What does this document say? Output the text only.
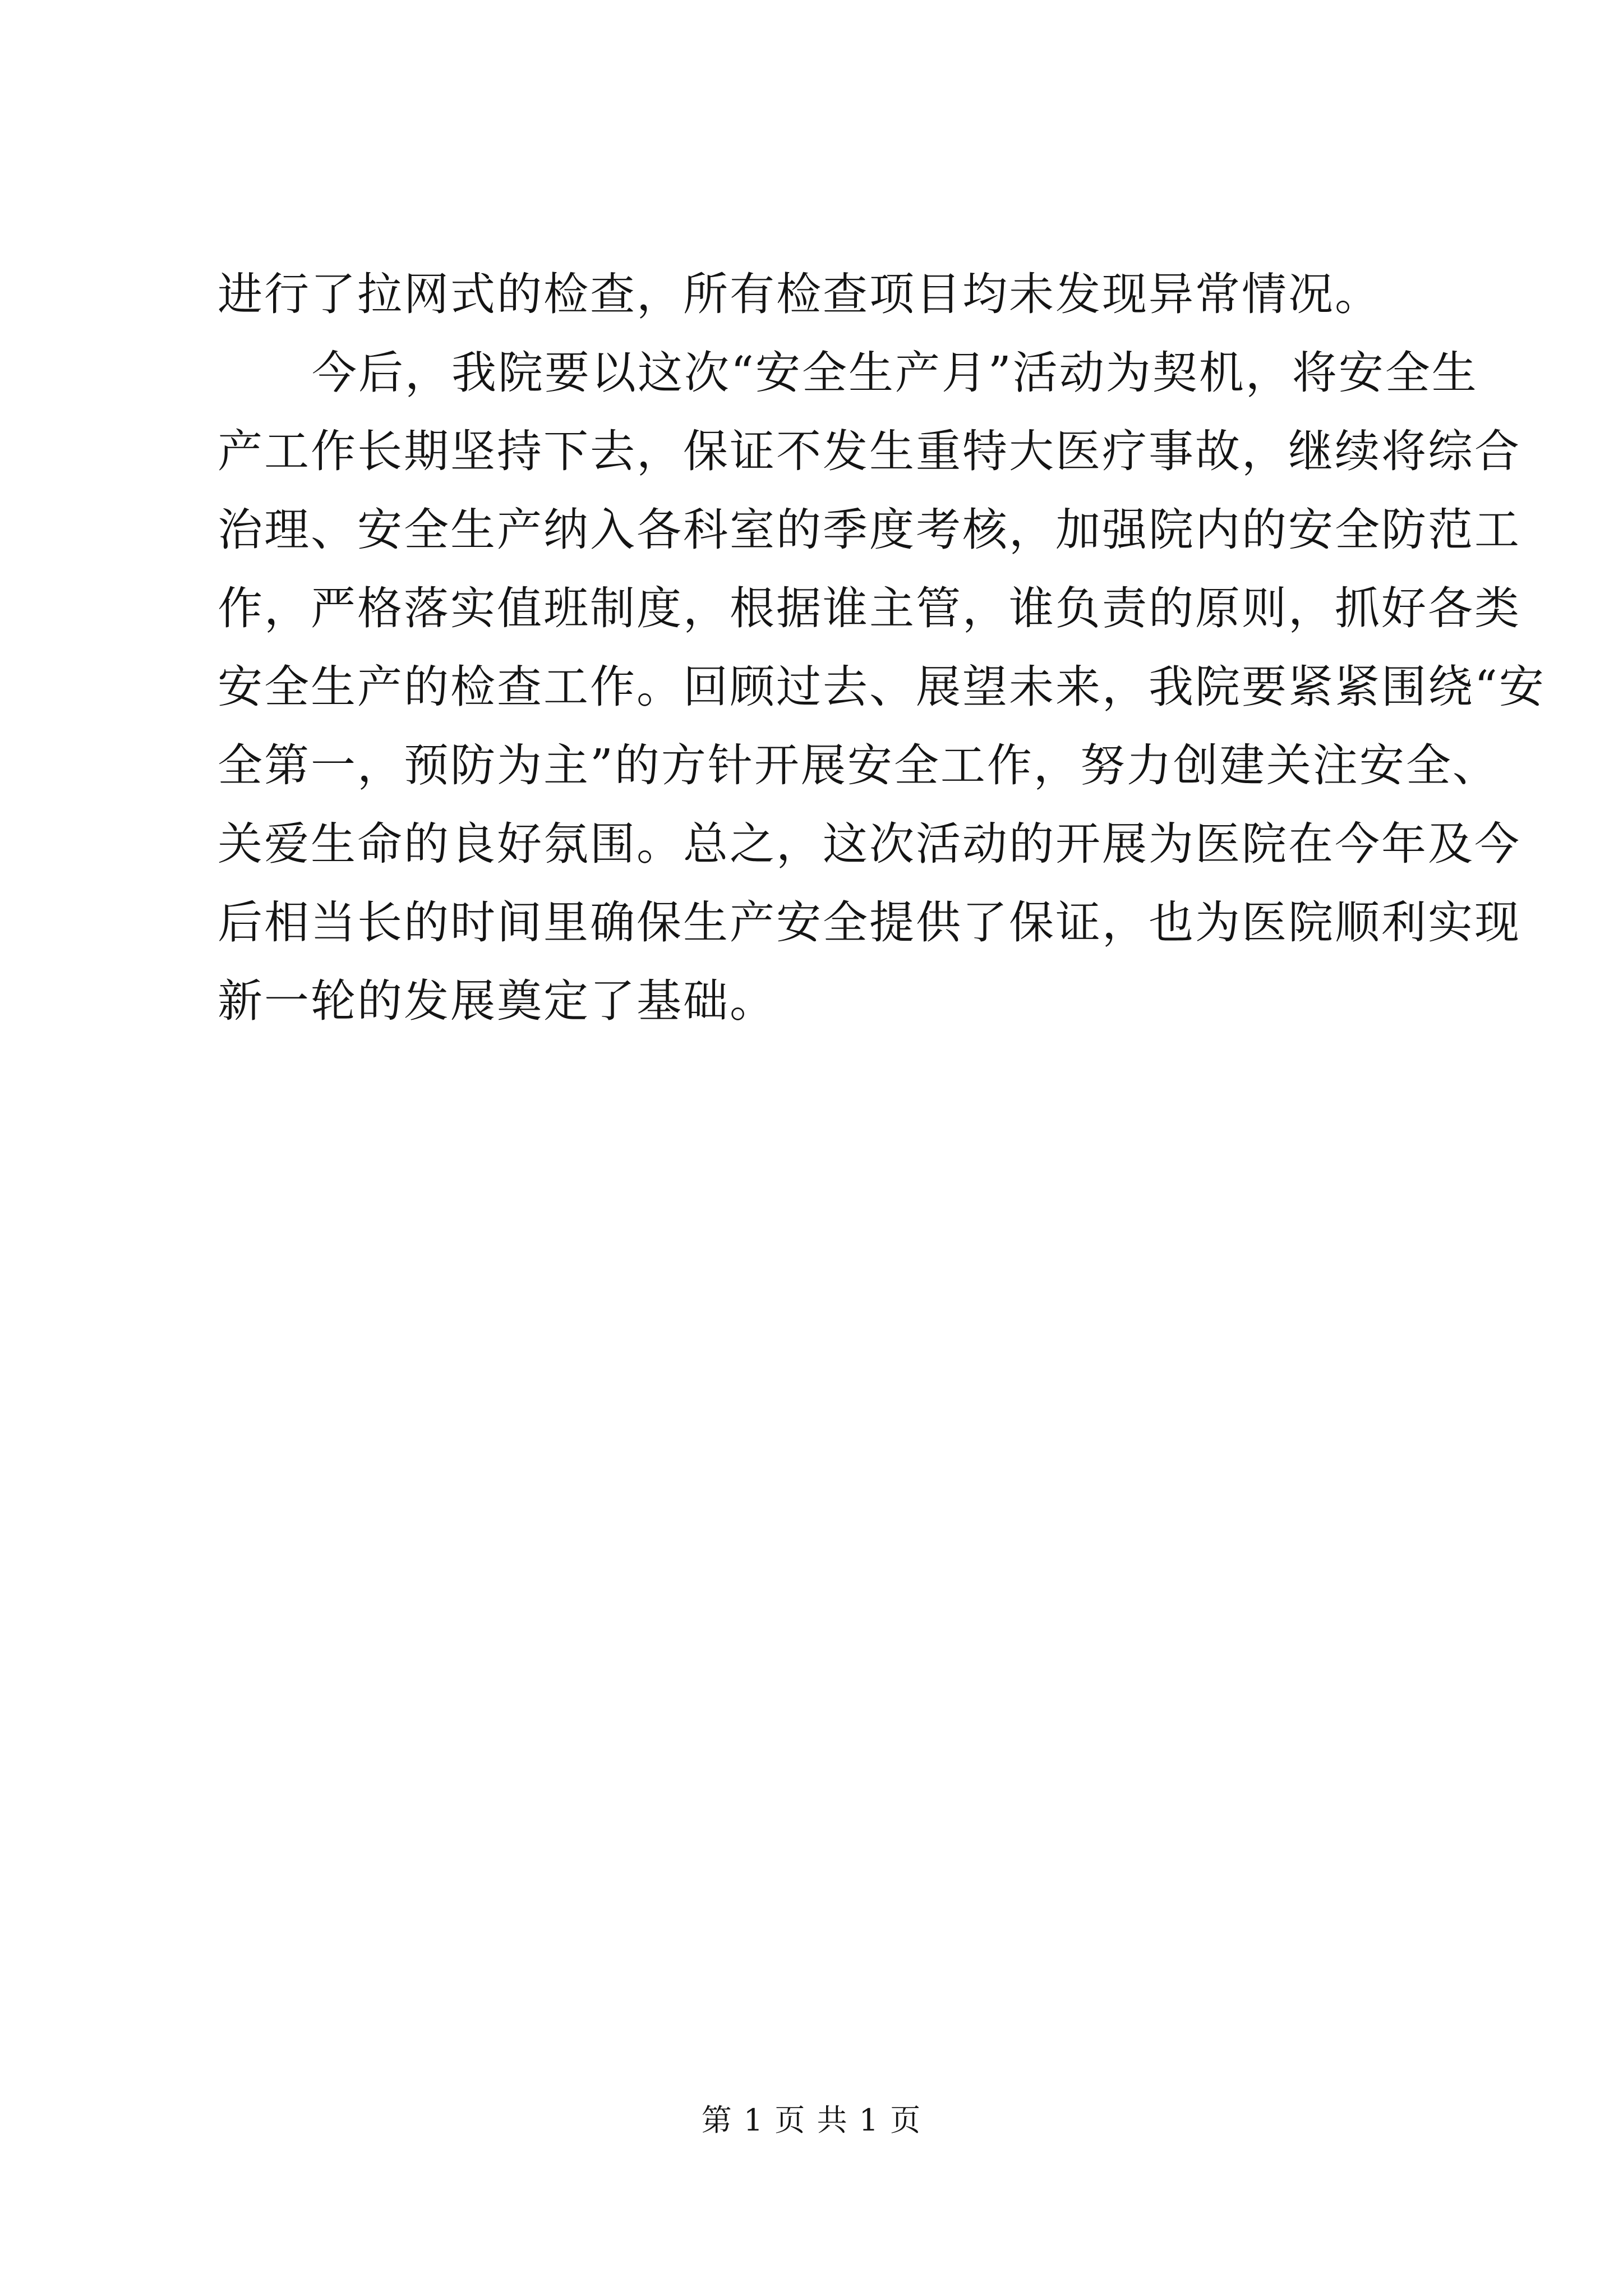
进行了拉网式的检查，所有检查项目均未发现异常情况。
今后，我院要以这次“安全生产月”活动为契机，将安全生
产工作长期坚持下去，保证不发生重特大医疗事故，继续将综合
治理、安全生产纳入各科室的季度考核，加强院内的安全防范工
作，严格落实值班制度，根据谁主管，谁负责的原则，抓好各类
安全生产的检查工作。回顾过去、展望未来，我院要紧紧围绕“安
全第一，预防为主”的方针开展安全工作，努力创建关注安全、
关爱生命的良好氛围。总之，这次活动的开展为医院在今年及今
后相当长的时间里确保生产安全提供了保证，也为医院顺利实现
新一轮的发展奠定了基础。
第 1 页 共 1 页
